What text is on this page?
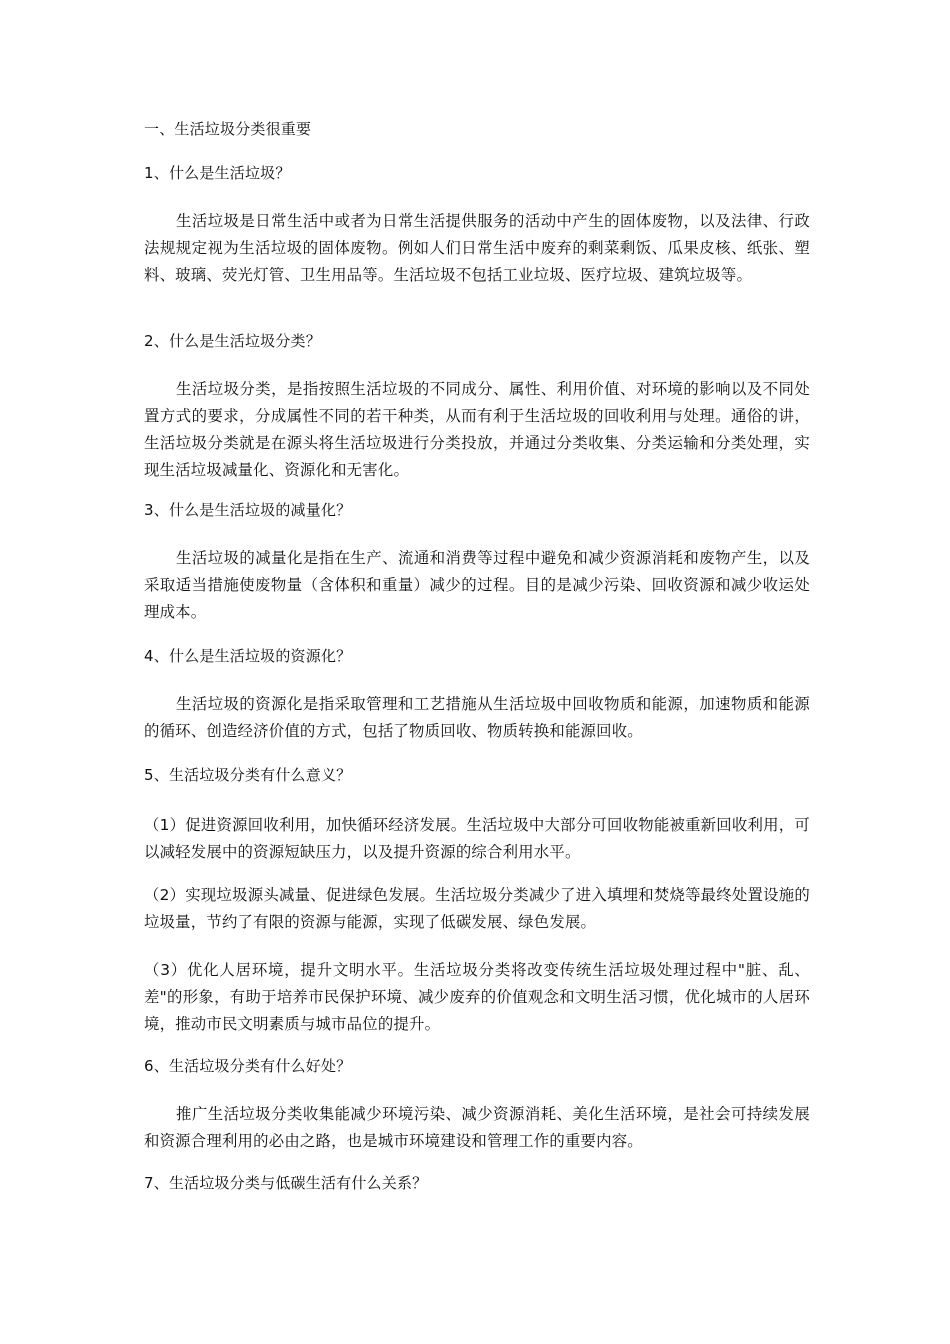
一、生活垃圾分类很重要
1、什么是生活垃圾？
生活垃圾是日常生活中或者为日常生活提供服务的活动中产生的固体废物，以及法律、行政法规规定视为生活垃圾的固体废物。例如人们日常生活中废弃的剩菜剩饭、瓜果皮核、纸张、塑料、玻璃、荧光灯管、卫生用品等。生活垃圾不包括工业垃圾、医疗垃圾、建筑垃圾等。
2、什么是生活垃圾分类？
生活垃圾分类，是指按照生活垃圾的不同成分、属性、利用价值、对环境的影响以及不同处置方式的要求，分成属性不同的若干种类，从而有利于生活垃圾的回收利用与处理。通俗的讲，生活垃圾分类就是在源头将生活垃圾进行分类投放，并通过分类收集、分类运输和分类处理，实现生活垃圾减量化、资源化和无害化。
3、什么是生活垃圾的减量化？
生活垃圾的减量化是指在生产、流通和消费等过程中避免和减少资源消耗和废物产生，以及采取适当措施使废物量（含体积和重量）减少的过程。目的是减少污染、回收资源和减少收运处理成本。
4、什么是生活垃圾的资源化？
生活垃圾的资源化是指采取管理和工艺措施从生活垃圾中回收物质和能源，加速物质和能源的循环、创造经济价值的方式，包括了物质回收、物质转换和能源回收。
5、生活垃圾分类有什么意义？
（1）促进资源回收利用，加快循环经济发展。生活垃圾中大部分可回收物能被重新回收利用，可以减轻发展中的资源短缺压力，以及提升资源的综合利用水平。
（2）实现垃圾源头减量、促进绿色发展。生活垃圾分类减少了进入填埋和焚烧等最终处置设施的垃圾量，节约了有限的资源与能源，实现了低碳发展、绿色发展。
（3）优化人居环境，提升文明水平。生活垃圾分类将改变传统生活垃圾处理过程中"脏、乱、差"的形象，有助于培养市民保护环境、减少废弃的价值观念和文明生活习惯，优化城市的人居环境，推动市民文明素质与城市品位的提升。
6、生活垃圾分类有什么好处？
推广生活垃圾分类收集能减少环境污染、减少资源消耗、美化生活环境，是社会可持续发展和资源合理利用的必由之路，也是城市环境建设和管理工作的重要内容。
7、生活垃圾分类与低碳生活有什么关系？
